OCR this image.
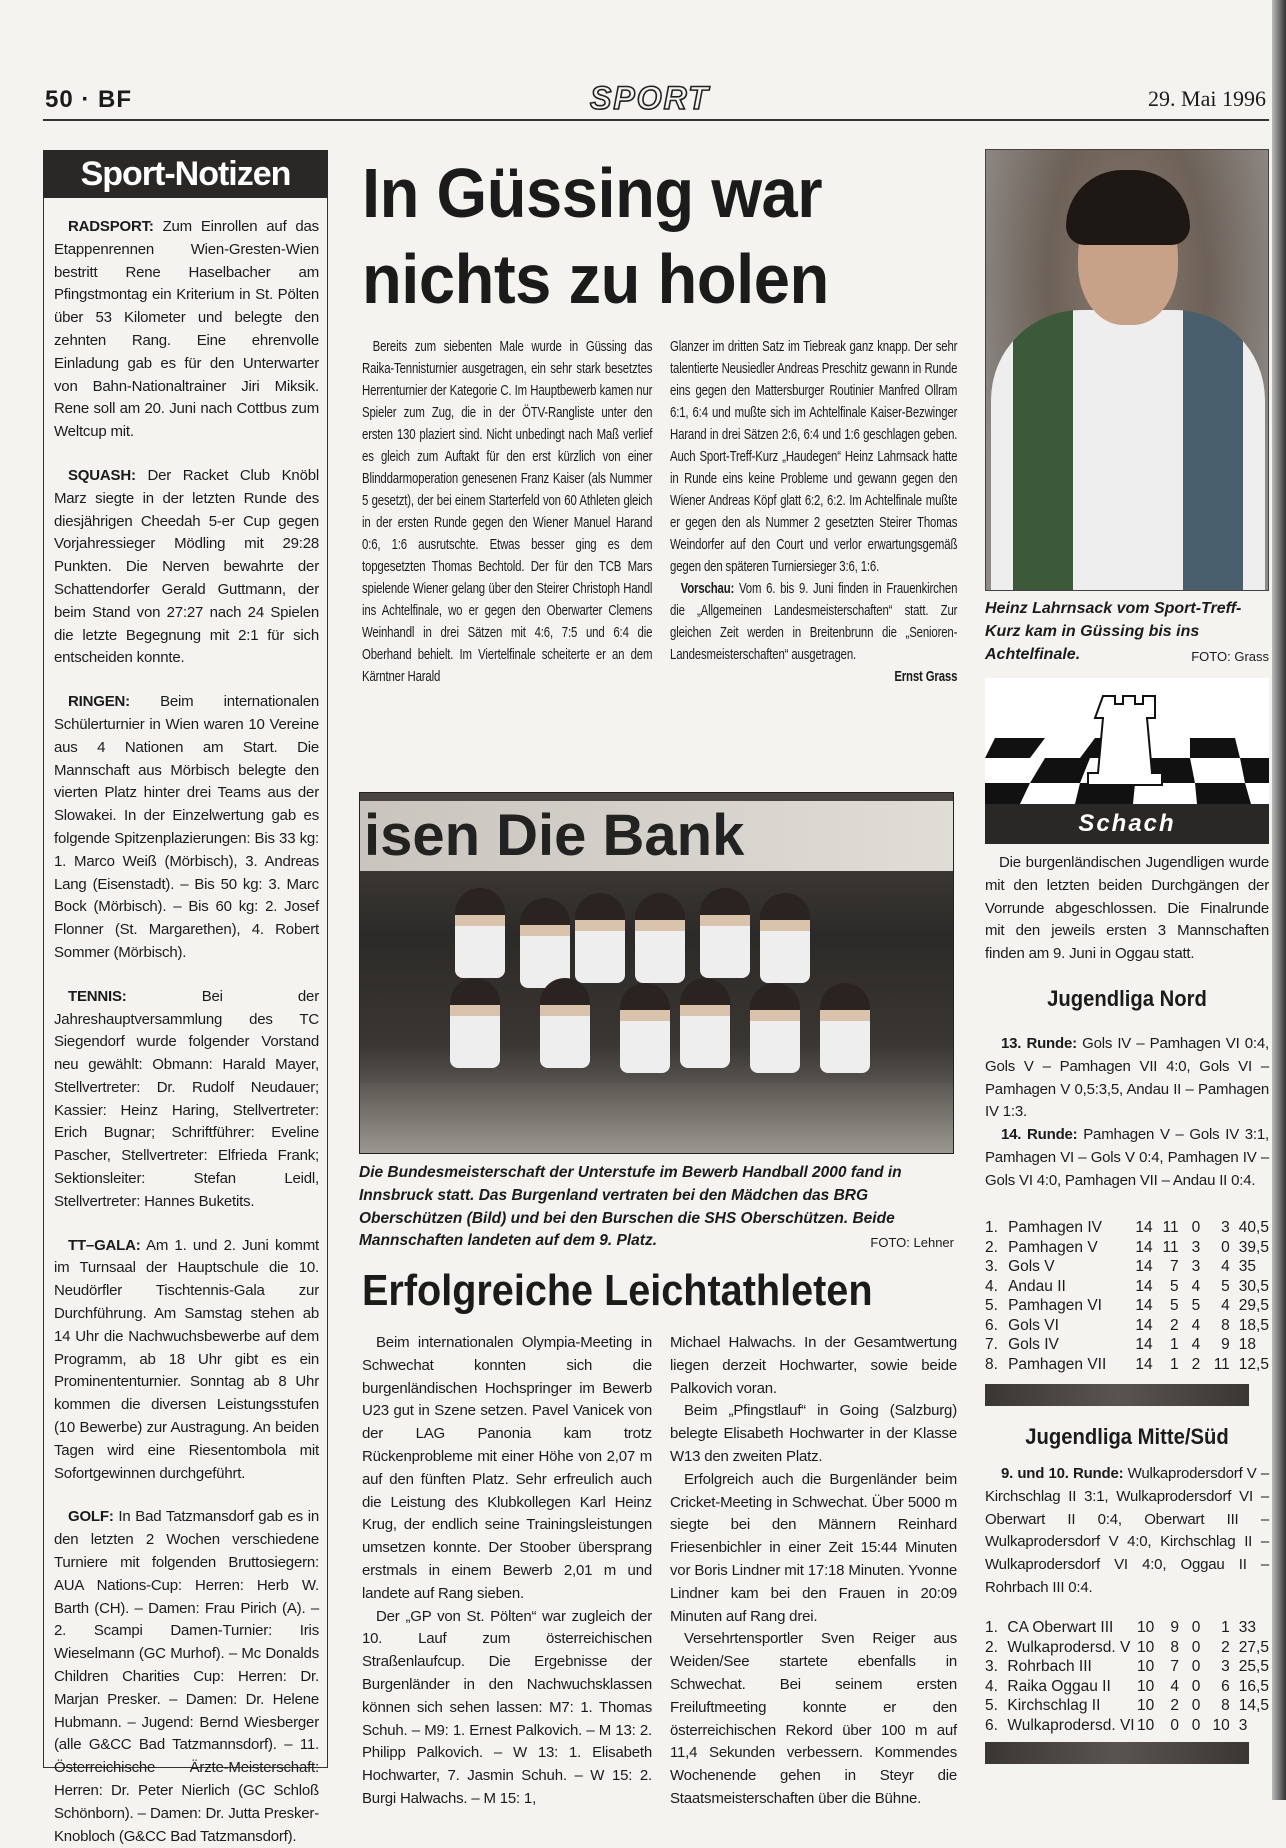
50 · BF	SPORT	29. Mai 1996
Sport-Notizen

RADSPORT: Zum Einrollen auf das Etappenrennen Wien-Gresten-Wien bestritt Rene Haselbacher am Pfingstmontag ein Kriterium in St. Pölten über 53 Kilometer und belegte den zehnten Rang. Eine ehrenvolle Einladung gab es für den Unterwarter von Bahn-Nationaltrainer Jiri Miksik. Rene soll am 20. Juni nach Cottbus zum Weltcup mit.

SQUASH: Der Racket Club Knöbl Marz siegte in der letzten Runde des diesjährigen Cheedah 5-er Cup gegen Vorjahressieger Mödling mit 29:28 Punkten. Die Nerven bewahrte der Schattendorfer Gerald Guttmann, der beim Stand von 27:27 nach 24 Spielen die letzte Begegnung mit 2:1 für sich entscheiden konnte.

RINGEN: Beim internationalen Schülerturnier in Wien waren 10 Vereine aus 4 Nationen am Start. Die Mannschaft aus Mörbisch belegte den vierten Platz hinter drei Teams aus der Slowakei. In der Einzelwertung gab es folgende Spitzenplazierungen: Bis 33 kg: 1. Marco Weiß (Mörbisch), 3. Andreas Lang (Eisenstadt). – Bis 50 kg: 3. Marc Bock (Mörbisch). – Bis 60 kg: 2. Josef Flonner (St. Margarethen), 4. Robert Sommer (Mörbisch).

TENNIS: Bei der Jahreshauptversammlung des TC Siegendorf wurde folgender Vorstand neu gewählt: Obmann: Harald Mayer, Stellvertreter: Dr. Rudolf Neudauer; Kassier: Heinz Haring, Stellvertreter: Erich Bugnar; Schriftführer: Eveline Pascher, Stellvertreter: Elfrieda Frank; Sektionsleiter: Stefan Leidl, Stellvertreter: Hannes Buketits.

TT–GALA: Am 1. und 2. Juni kommt im Turnsaal der Hauptschule die 10. Neudörfler Tischtennis-Gala zur Durchführung. Am Samstag stehen ab 14 Uhr die Nachwuchsbewerbe auf dem Programm, ab 18 Uhr gibt es ein Prominententurnier. Sonntag ab 8 Uhr kommen die diversen Leistungsstufen (10 Bewerbe) zur Austragung. An beiden Tagen wird eine Riesentombola mit Sofortgewinnen durchgeführt.

GOLF: In Bad Tatzmansdorf gab es in den letzten 2 Wochen verschiedene Turniere mit folgenden Bruttosiegern: AUA Nations-Cup: Herren: Herb W. Barth (CH). – Damen: Frau Pirich (A). – 2. Scampi Damen-Turnier: Iris Wieselmann (GC Murhof). – Mc Donalds Children Charities Cup: Herren: Dr. Marjan Presker. – Damen: Dr. Helene Hubmann. – Jugend: Bernd Wiesberger (alle G&CC Bad Tatzmannsdorf). – 11. Österreichische Ärzte-Meisterschaft: Herren: Dr. Peter Nierlich (GC Schloß Schönborn). – Damen: Dr. Jutta Presker-Knobloch (G&CC Bad Tatzmansdorf).

In Güssing war
nichts zu holen

Bereits zum siebenten Male wurde in Güssing das Raika-Tennisturnier ausgetragen, ein sehr stark besetztes Herrenturnier der Kategorie C. Im Hauptbewerb kamen nur Spieler zum Zug, die in der ÖTV-Rangliste unter den ersten 130 plaziert sind. Nicht unbedingt nach Maß verlief es gleich zum Auftakt für den erst kürzlich von einer Blinddarmoperation genesenen Franz Kaiser (als Nummer 5 gesetzt), der bei einem Starterfeld von 60 Athleten gleich in der ersten Runde gegen den Wiener Manuel Harand 0:6, 1:6 ausrutschte. Etwas besser ging es dem topgesetzten Thomas Bechtold. Der für den TCB Mars spielende Wiener gelang über den Steirer Christoph Handl ins Achtelfinale, wo er gegen den Oberwarter Clemens Weinhandl in drei Sätzen mit 4:6, 7:5 und 6:4 die Oberhand behielt. Im Viertelfinale scheiterte er an dem Kärntner Harald

Glanzer im dritten Satz im Tiebreak ganz knapp. Der sehr talentierte Neusiedler Andreas Preschitz gewann in Runde eins gegen den Mattersburger Routinier Manfred Ollram 6:1, 6:4 und mußte sich im Achtelfinale Kaiser-Bezwinger Harand in drei Sätzen 2:6, 6:4 und 1:6 geschlagen geben. Auch Sport-Treff-Kurz „Haudegen“ Heinz Lahrnsack hatte in Runde eins keine Probleme und gewann gegen den Wiener Andreas Köpf glatt 6:2, 6:2. Im Achtelfinale mußte er gegen den als Nummer 2 gesetzten Steirer Thomas Weindorfer auf den Court und verlor erwartungsgemäß gegen den späteren Turniersieger 3:6, 1:6.

Vorschau: Vom 6. bis 9. Juni finden in Frauenkirchen die „Allgemeinen Landesmeisterschaften“ statt. Zur gleichen Zeit werden in Breitenbrunn die „Senioren- Landesmeisterschaften“ ausgetragen.

Ernst Grass
isen Die Bank
Die Bundesmeisterschaft der Unterstufe im Bewerb Handball 2000 fand in Innsbruck statt. Das Burgenland vertraten bei den Mädchen das BRG Oberschützen (Bild) und bei den Burschen die SHS Oberschützen. Beide Mannschaften landeten auf dem 9. Platz.	FOTO: Lehner
Erfolgreiche Leichtathleten

Beim internationalen Olympia-Meeting in Schwechat konnten sich die burgenländischen Hochspringer im Bewerb U23 gut in Szene setzen. Pavel Vanicek von der LAG Panonia kam trotz Rückenprobleme mit einer Höhe von 2,07 m auf den fünften Platz. Sehr erfreulich auch die Leistung des Klubkollegen Karl Heinz Krug, der endlich seine Trainingsleistungen umsetzen konnte. Der Stoober übersprang erstmals in einem Bewerb 2,01 m und landete auf Rang sieben.

Der „GP von St. Pölten“ war zugleich der 10. Lauf zum österreichischen Straßenlaufcup. Die Ergebnisse der Burgenländer in den Nachwuchsklassen können sich sehen lassen: M7: 1. Thomas Schuh. – M9: 1. Ernest Palkovich. – M 13: 2. Philipp Palkovich. – W 13: 1. Elisabeth Hochwarter, 7. Jasmin Schuh. – W 15: 2. Burgi Halwachs. – M 15: 1,

Michael Halwachs. In der Gesamtwertung liegen derzeit Hochwarter, sowie beide Palkovich voran.

Beim „Pfingstlauf“ in Going (Salzburg) belegte Elisabeth Hochwarter in der Klasse W13 den zweiten Platz.

Erfolgreich auch die Burgenländer beim Cricket-Meeting in Schwechat. Über 5000 m siegte bei den Männern Reinhard Friesenbichler in einer Zeit 15:44 Minuten vor Boris Lindner mit 17:18 Minuten. Yvonne Lindner kam bei den Frauen in 20:09 Minuten auf Rang drei.

Versehrtensportler Sven Reiger aus Weiden/See startete ebenfalls in Schwechat. Bei seinem ersten Freiluftmeeting konnte er den österreichischen Rekord über 100 m auf 11,4 Sekunden verbessern. Kommendes Wochenende gehen in Steyr die Staatsmeisterschaften über die Bühne.

Heinz Lahrnsack vom Sport-Treff-Kurz kam in Güssing bis ins Achtelfinale.	FOTO: Grass
Schach

Die burgenländischen Jugendligen wurde mit den letzten beiden Durchgängen der Vorrunde abgeschlossen. Die Finalrunde mit den jeweils ersten 3 Mannschaften finden am 9. Juni in Oggau statt.

Jugendliga Nord

13. Runde: Gols IV – Pamhagen VI 0:4, Gols V – Pamhagen VII 4:0, Gols VI – Pamhagen V 0,5:3,5, Andau II – Pamhagen IV 1:3.

14. Runde: Pamhagen V – Gols IV 3:1, Pamhagen VI – Gols V 0:4, Pamhagen IV – Gols VI 4:0, Pamhagen VII – Andau II 0:4.

1.	Pamhagen IV	14	11	0	3	40,5
2.	Pamhagen V	14	11	3	0	39,5
3.	Gols V	14	7	3	4	35
4.	Andau II	14	5	4	5	30,5
5.	Pamhagen VI	14	5	5	4	29,5
6.	Gols VI	14	2	4	8	18,5
7.	Gols IV	14	1	4	9	18
8.	Pamhagen VII	14	1	2	11	12,5
Jugendliga Mitte/Süd

9. und 10. Runde: Wulkaprodersdorf V – Kirchschlag II 3:1, Wulkaprodersdorf VI – Oberwart II 0:4, Oberwart III – Wulkaprodersdorf V 4:0, Kirchschlag II – Wulkaprodersdorf VI 4:0, Oggau II – Rohrbach III 0:4.

1.	CA Oberwart III	10	9	0	1	33
2.	Wulkaprodersd. V	10	8	0	2	27,5
3.	Rohrbach III	10	7	0	3	25,5
4.	Raika Oggau II	10	4	0	6	16,5
5.	Kirchschlag II	10	2	0	8	14,5
6.	Wulkaprodersd. VI	10	0	0	10	3
